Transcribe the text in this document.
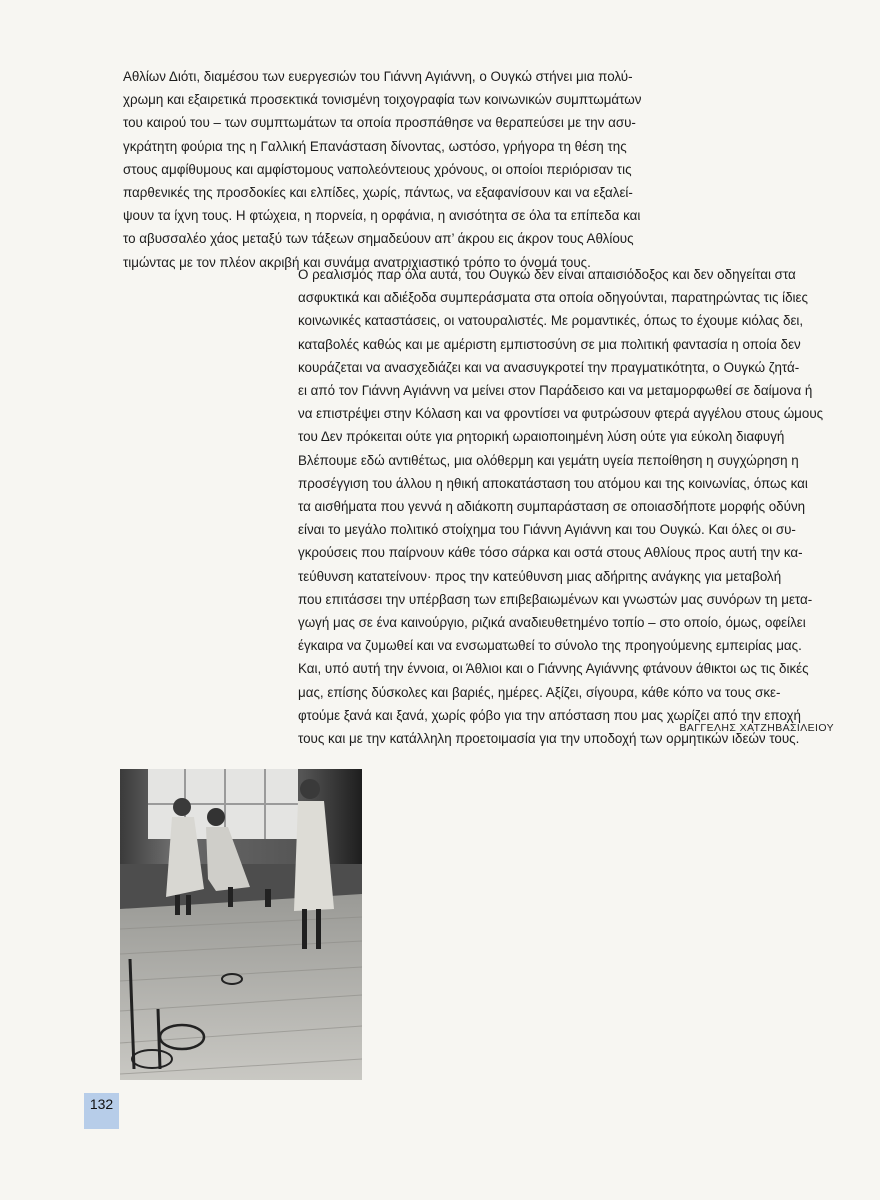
Αθλίων Διότι, διαμέσου των ευεργεσιών του Γιάννη Αγιάννη, ο Ουγκώ στήνει μια πολύ-
χρωμη και εξαιρετικά προσεκτικά τονισμένη τοιχογραφία των κοινωνικών συμπτωμάτων
του καιρού του – των συμπτωμάτων τα οποία προσπάθησε να θεραπεύσει με την ασυ-
γκράτητη φούρια της η Γαλλική Επανάσταση δίνοντας, ωστόσο, γρήγορα τη θέση της
στους αμφίθυμους και αμφίστομους ναπολεόντειους χρόνους, οι οποίοι περιόρισαν τις
παρθενικές της προσδοκίες και ελπίδες, χωρίς, πάντως, να εξαφανίσουν και να εξαλεί-
ψουν τα ίχνη τους. Η φτώχεια, η πορνεία, η ορφάνια, η ανισότητα σε όλα τα επίπεδα και
το αβυσσαλέο χάος μεταξύ των τάξεων σημαδεύουν απ’ άκρου εις άκρον τους Αθλίους
τιμώντας με τον πλέον ακριβή και συνάμα ανατριχιαστικό τρόπο το όνομά τους.
Ο ρεαλισμός παρ όλα αυτά, του Ουγκώ δεν είναι απαισιόδοξος και δεν οδηγείται στα
ασφυκτικά και αδιέξοδα συμπεράσματα στα οποία οδηγούνται, παρατηρώντας τις ίδιες
κοινωνικές καταστάσεις, οι νατουραλιστές. Με ρομαντικές, όπως το έχουμε κιόλας δει,
καταβολές καθώς και με αμέριστη εμπιστοσύνη σε μια πολιτική φαντασία η οποία δεν
κουράζεται να ανασχεδιάζει και να ανασυγκροτεί την πραγματικότητα, ο Ουγκώ ζητά-
ει από τον Γιάννη Αγιάννη να μείνει στον Παράδεισο και να μεταμορφωθεί σε δαίμονα ή
να επιστρέψει στην Κόλαση και να φροντίσει να φυτρώσουν φτερά αγγέλου στους ώμους
του Δεν πρόκειται ούτε για ρητορική ωραιοποιημένη λύση ούτε για εύκολη διαφυγή
Βλέπουμε εδώ αντιθέτως, μια ολόθερμη και γεμάτη υγεία πεποίθηση η συγχώρηση η
προσέγγιση του άλλου η ηθική αποκατάσταση του ατόμου και της κοινωνίας, όπως και
τα αισθήματα που γεννά η αδιάκοπη συμπαράσταση σε οποιασδήποτε μορφής οδύνη
είναι το μεγάλο πολιτικό στοίχημα του Γιάννη Αγιάννη και του Ουγκώ. Και όλες οι συ-
γκρούσεις που παίρνουν κάθε τόσο σάρκα και οστά στους Αθλίους προς αυτή την κα-
τεύθυνση κατατείνουν· προς την κατεύθυνση μιας αδήριτης ανάγκης για μεταβολή
που επιτάσσει την υπέρβαση των επιβεβαιωμένων και γνωστών μας συνόρων τη μετα-
γωγή μας σε ένα καινούργιο, ριζικά αναδιευθετημένο τοπίο – στο οποίο, όμως, οφείλει
έγκαιρα να ζυμωθεί και να ενσωματωθεί το σύνολο της προηγούμενης εμπειρίας μας.
Και, υπό αυτή την έννοια, οι Άθλιοι και ο Γιάννης Αγιάννης φτάνουν άθικτοι ως τις δικές
μας, επίσης δύσκολες και βαριές, ημέρες. Αξίζει, σίγουρα, κάθε κόπο να τους σκε-
φτούμε ξανά και ξανά, χωρίς φόβο για την απόσταση που μας χωρίζει από την εποχή
τους και με την κατάλληλη προετοιμασία για την υποδοχή των ορμητικών ιδεών τους.
ΒΑΓΓΕΛΗΣ ΧΑΤΖΗΒΑΣΙΛΕΙΟΥ
132
